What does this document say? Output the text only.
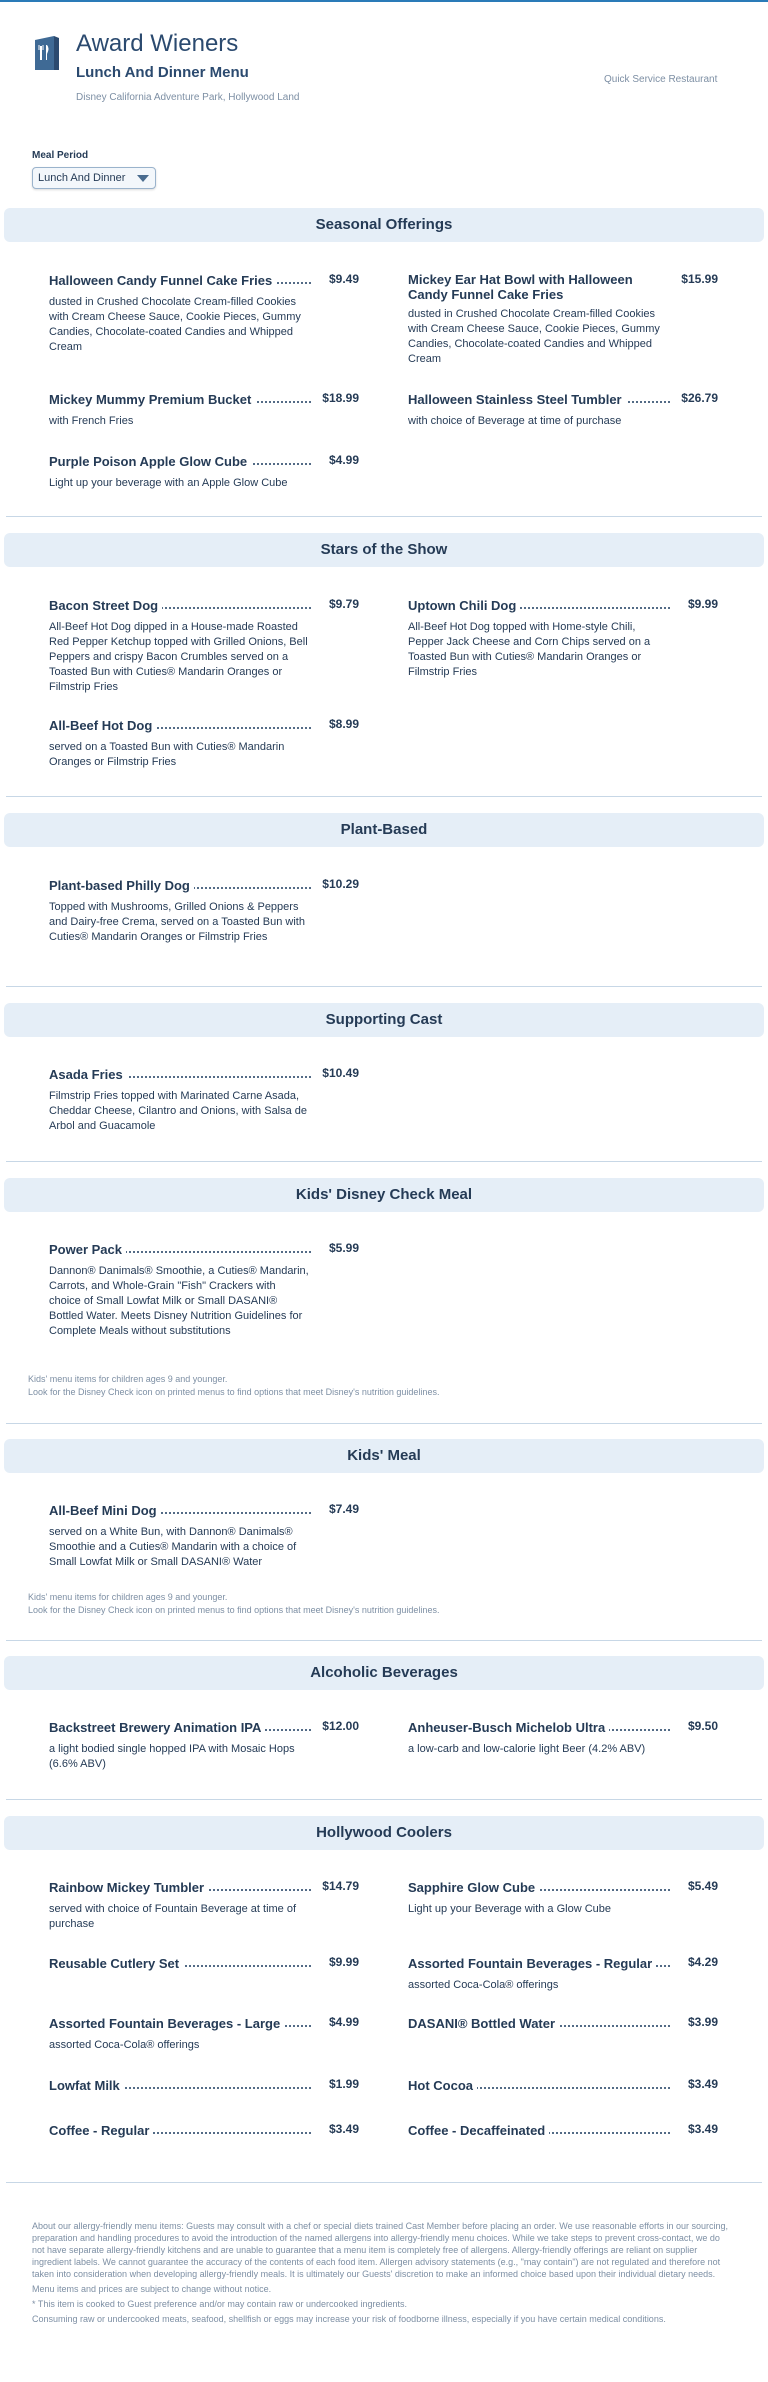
Award Wieners
Lunch And Dinner Menu
Disney California Adventure Park, Hollywood Land
Quick Service Restaurant
Meal Period
Lunch And Dinner
Seasonal Offerings
Halloween Candy Funnel Cake Fries	$9.49
dusted in Crushed Chocolate Cream-filled Cookies with Cream Cheese Sauce, Cookie Pieces, Gummy Candies, Chocolate-coated Candies and Whipped Cream
Mickey Ear Hat Bowl with Halloween Candy Funnel Cake Fries
$15.99
dusted in Crushed Chocolate Cream-filled Cookies with Cream Cheese Sauce, Cookie Pieces, Gummy Candies, Chocolate-coated Candies and Whipped Cream
Mickey Mummy Premium Bucket	$18.99
with French Fries
Halloween Stainless Steel Tumbler	$26.79
with choice of Beverage at time of purchase
Purple Poison Apple Glow Cube	$4.99
Light up your beverage with an Apple Glow Cube
Stars of the Show
Bacon Street Dog	$9.79
All-Beef Hot Dog dipped in a House-made Roasted Red Pepper Ketchup topped with Grilled Onions, Bell Peppers and crispy Bacon Crumbles served on a Toasted Bun with Cuties® Mandarin Oranges or Filmstrip Fries
Uptown Chili Dog	$9.99
All-Beef Hot Dog topped with Home-style Chili, Pepper Jack Cheese and Corn Chips served on a Toasted Bun with Cuties® Mandarin Oranges or Filmstrip Fries
All-Beef Hot Dog	$8.99
served on a Toasted Bun with Cuties® Mandarin Oranges or Filmstrip Fries
Plant-Based
Plant-based Philly Dog	$10.29
Topped with Mushrooms, Grilled Onions & Peppers and Dairy-free Crema, served on a Toasted Bun with Cuties® Mandarin Oranges or Filmstrip Fries
Supporting Cast
Asada Fries	$10.49
Filmstrip Fries topped with Marinated Carne Asada, Cheddar Cheese, Cilantro and Onions, with Salsa de Arbol and Guacamole
Kids' Disney Check Meal
Power Pack	$5.99
Dannon® Danimals® Smoothie, a Cuties® Mandarin, Carrots, and Whole-Grain "Fish" Crackers with choice of Small Lowfat Milk or Small DASANI® Bottled Water. Meets Disney Nutrition Guidelines for Complete Meals without substitutions
Kids' menu items for children ages 9 and younger.
Look for the Disney Check icon on printed menus to find options that meet Disney's nutrition guidelines.
Kids' Meal
All-Beef Mini Dog	$7.49
served on a White Bun, with Dannon® Danimals® Smoothie and a Cuties® Mandarin with a choice of Small Lowfat Milk or Small DASANI® Water
Kids' menu items for children ages 9 and younger.
Look for the Disney Check icon on printed menus to find options that meet Disney's nutrition guidelines.
Alcoholic Beverages
Backstreet Brewery Animation IPA	$12.00
a light bodied single hopped IPA with Mosaic Hops (6.6% ABV)
Anheuser-Busch Michelob Ultra	$9.50
a low-carb and low-calorie light Beer (4.2% ABV)
Hollywood Coolers
Rainbow Mickey Tumbler	$14.79
served with choice of Fountain Beverage at time of purchase
Sapphire Glow Cube	$5.49
Light up your Beverage with a Glow Cube
Reusable Cutlery Set	$9.99	Assorted Fountain Beverages - Regular	$4.29
assorted Coca-Cola® offerings
Assorted Fountain Beverages - Large	$4.99
assorted Coca-Cola® offerings
DASANI® Bottled Water	$3.99
Lowfat Milk	$1.99	Hot Cocoa	$3.49
Coffee - Regular	$3.49	Coffee - Decaffeinated	$3.49

About our allergy-friendly menu items: Guests may consult with a chef or special diets trained Cast Member before placing an order. We use reasonable efforts in our sourcing, preparation and handling procedures to avoid the introduction of the named allergens into allergy-friendly menu choices. While we take steps to prevent cross-contact, we do not have separate allergy-friendly kitchens and are unable to guarantee that a menu item is completely free of allergens. Allergy-friendly offerings are reliant on supplier ingredient labels. We cannot guarantee the accuracy of the contents of each food item. Allergen advisory statements (e.g., "may contain") are not regulated and therefore not taken into consideration when developing allergy-friendly meals. It is ultimately our Guests' discretion to make an informed choice based upon their individual dietary needs.

Menu items and prices are subject to change without notice.

* This item is cooked to Guest preference and/or may contain raw or undercooked ingredients.

Consuming raw or undercooked meats, seafood, shellfish or eggs may increase your risk of foodborne illness, especially if you have certain medical conditions.
